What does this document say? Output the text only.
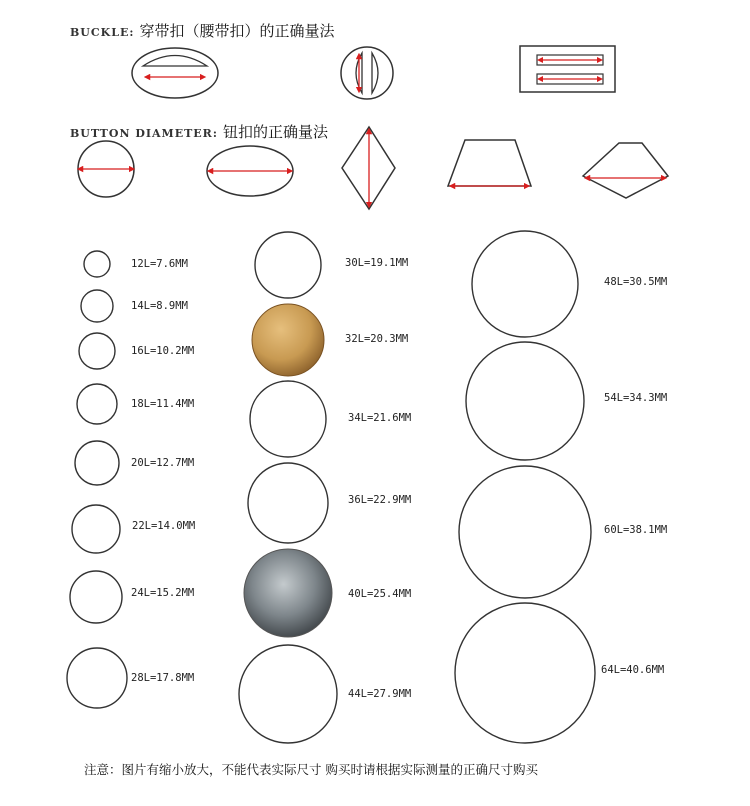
BUCKLE: 穿带扣（腰带扣）的正确量法
BUTTON DIAMETER: 钮扣的正确量法
12L=7.6MM
14L=8.9MM
16L=10.2MM
18L=11.4MM
20L=12.7MM
22L=14.0MM
24L=15.2MM
28L=17.8MM
30L=19.1MM
32L=20.3MM
34L=21.6MM
36L=22.9MM
40L=25.4MM
44L=27.9MM
48L=30.5MM
54L=34.3MM
60L=38.1MM
64L=40.6MM
注意：图片有缩小放大，不能代表实际尺寸 购买时请根据实际测量的正确尺寸购买
